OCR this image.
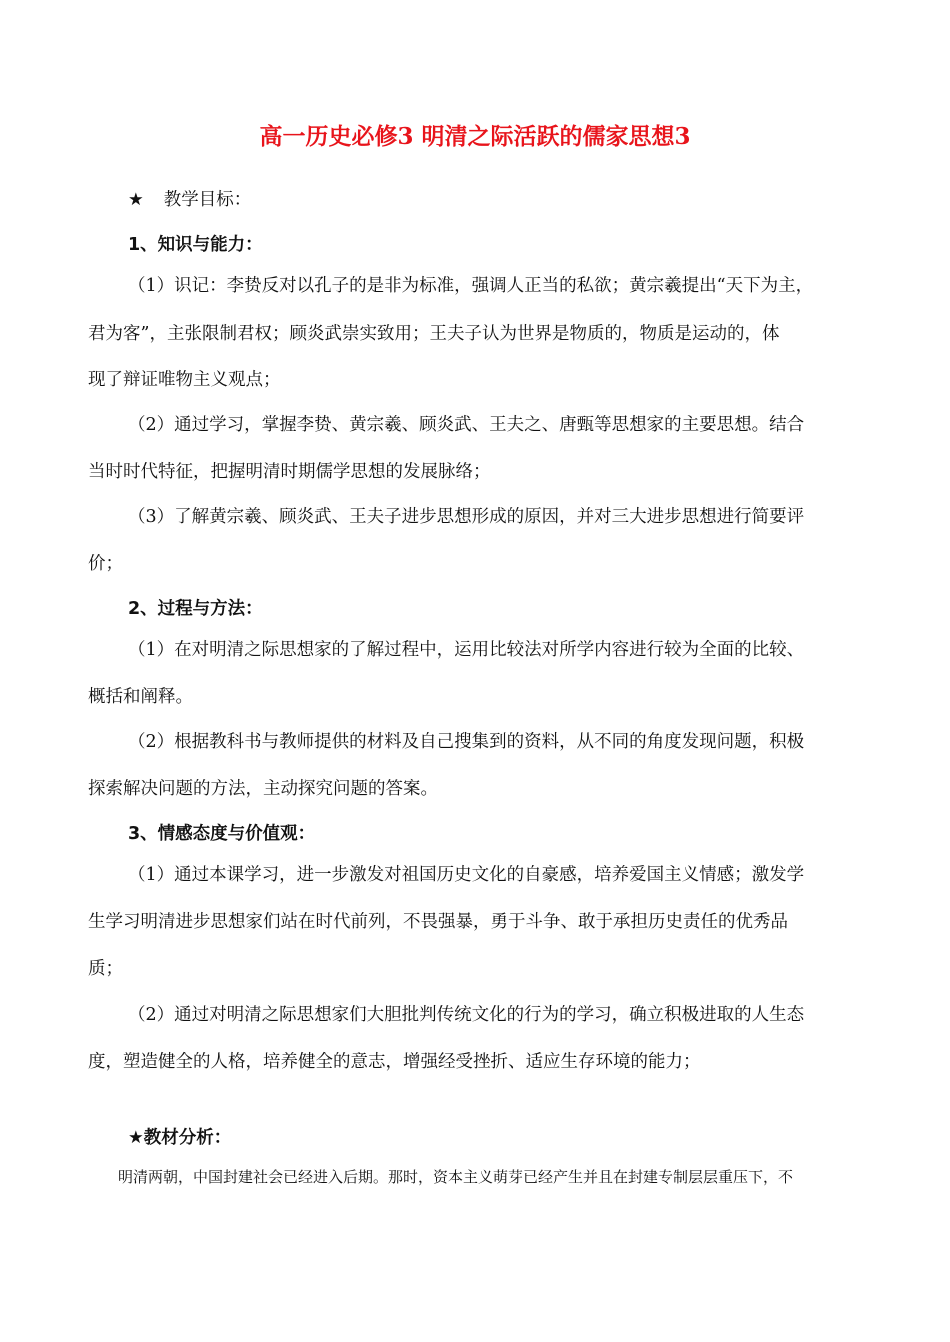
高一历史必修3 明清之际活跃的儒家思想3
★ 教学目标：
1、知识与能力：
（1）识记：李贽反对以孔子的是非为标准，强调人正当的私欲；黄宗羲提出“天下为主，
君为客”，主张限制君权；顾炎武崇实致用；王夫子认为世界是物质的，物质是运动的，体
现了辩证唯物主义观点；
（2）通过学习，掌握李贽、黄宗羲、顾炎武、王夫之、唐甄等思想家的主要思想。结合
当时时代特征，把握明清时期儒学思想的发展脉络；
（3）了解黄宗羲、顾炎武、王夫子进步思想形成的原因，并对三大进步思想进行简要评
价；
2、过程与方法：
（1）在对明清之际思想家的了解过程中，运用比较法对所学内容进行较为全面的比较、
概括和阐释。
（2）根据教科书与教师提供的材料及自己搜集到的资料，从不同的角度发现问题，积极
探索解决问题的方法，主动探究问题的答案。
3、情感态度与价值观：
（1）通过本课学习，进一步激发对祖国历史文化的自豪感，培养爱国主义情感；激发学
生学习明清进步思想家们站在时代前列，不畏强暴，勇于斗争、敢于承担历史责任的优秀品
质；
（2）通过对明清之际思想家们大胆批判传统文化的行为的学习，确立积极进取的人生态
度，塑造健全的人格，培养健全的意志，增强经受挫折、适应生存环境的能力；
★教材分析：
明清两朝，中国封建社会已经进入后期。那时，资本主义萌芽已经产生并且在封建专制层层重压下，不
